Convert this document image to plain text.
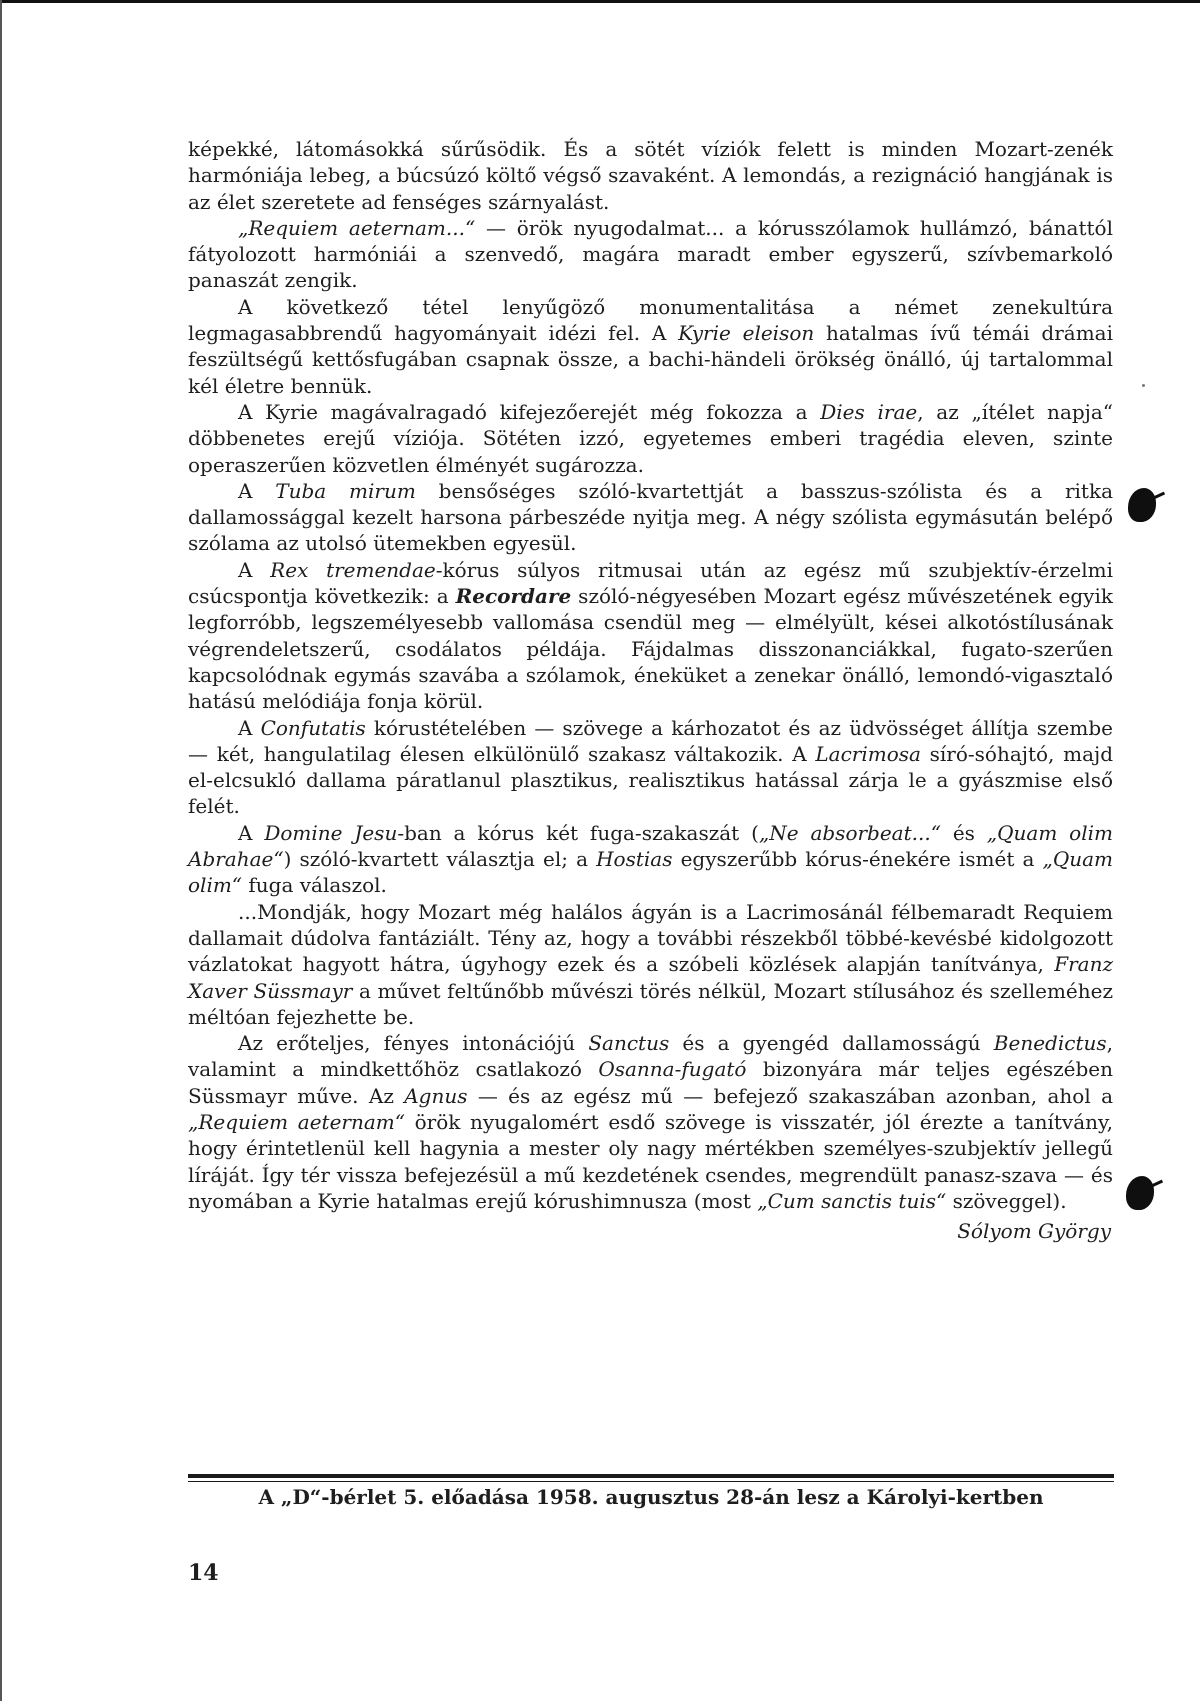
képekké, látomásokká sűrűsödik. És a sötét víziók felett is minden Mozart-zenék harmóniája lebeg, a búcsúzó költő végső szavaként. A lemondás, a rezignáció hangjának is az élet szeretete ad fenséges szárnyalást.

„Requiem aeternam...“ — örök nyugodalmat... a kórusszólamok hullámzó, bánattól fátyolozott harmóniái a szenvedő, magára maradt ember egyszerű, szívbemarkoló panaszát zengik.

A következő tétel lenyűgöző monumentalitása a német zenekultúra legmagasabbrendű hagyományait idézi fel. A Kyrie eleison hatalmas ívű témái drámai feszültségű kettősfugában csapnak össze, a bachi-händeli örökség önálló, új tartalommal kél életre bennük.

A Kyrie magávalragadó kifejezőerejét még fokozza a Dies irae, az „ítélet napja“ döbbenetes erejű víziója. Sötéten izzó, egyetemes emberi tragédia eleven, szinte operaszerűen közvetlen élményét sugározza.

A Tuba mirum bensőséges szóló-kvartettját a basszus-szólista és a ritka dallamossággal kezelt harsona párbeszéde nyitja meg. A négy szólista egymásután belépő szólama az utolsó ütemekben egyesül.

A Rex tremendae-kórus súlyos ritmusai után az egész mű szubjektív-érzelmi csúcspontja következik: a Recordare szóló-négyesében Mozart egész művészetének egyik legforróbb, legszemélyesebb vallomása csendül meg — elmélyült, kései alkotóstílusának végrendeletszerű, csodálatos példája. Fájdalmas disszonanciákkal, fugato-szerűen kapcsolódnak egymás szavába a szólamok, éneküket a zenekar önálló, lemondó-vigasztaló hatású melódiája fonja körül.

A Confutatis kórustételében — szövege a kárhozatot és az üdvösséget állítja szembe — két, hangulatilag élesen elkülönülő szakasz váltakozik. A Lacrimosa síró-sóhajtó, majd el-elcsukló dallama páratlanul plasztikus, realisztikus hatással zárja le a gyászmise első felét.

A Domine Jesu-ban a kórus két fuga-szakaszát („Ne absorbeat...“ és „Quam olim Abrahae“) szóló-kvartett választja el; a Hostias egyszerűbb kórus-énekére ismét a „Quam olim“ fuga válaszol.

...Mondják, hogy Mozart még halálos ágyán is a Lacrimosánál félbemaradt Requiem dallamait dúdolva fantáziált. Tény az, hogy a további részekből többé-kevésbé kidolgozott vázlatokat hagyott hátra, úgyhogy ezek és a szóbeli közlések alapján tanítványa, Franz Xaver Süssmayr a művet feltűnőbb művészi törés nélkül, Mozart stílusához és szelleméhez méltóan fejezhette be.

Az erőteljes, fényes intonációjú Sanctus és a gyengéd dallamosságú Benedictus, valamint a mindkettőhöz csatlakozó Osanna-fugató bizonyára már teljes egészében Süssmayr műve. Az Agnus — és az egész mű — befejező szakaszában azonban, ahol a „Requiem aeternam“ örök nyugalomért esdő szövege is visszatér, jól érezte a tanítvány, hogy érintetlenül kell hagynia a mester oly nagy mértékben személyes-szubjektív jellegű líráját. Így tér vissza befejezésül a mű kezdetének csendes, megrendült panasz-szava — és nyomában a Kyrie hatalmas erejű kórushimnusza (most „Cum sanctis tuis“ szöveggel).

Sólyom György
A „D“-bérlet 5. előadása 1958. augusztus 28-án lesz a Károlyi-kertben
14
